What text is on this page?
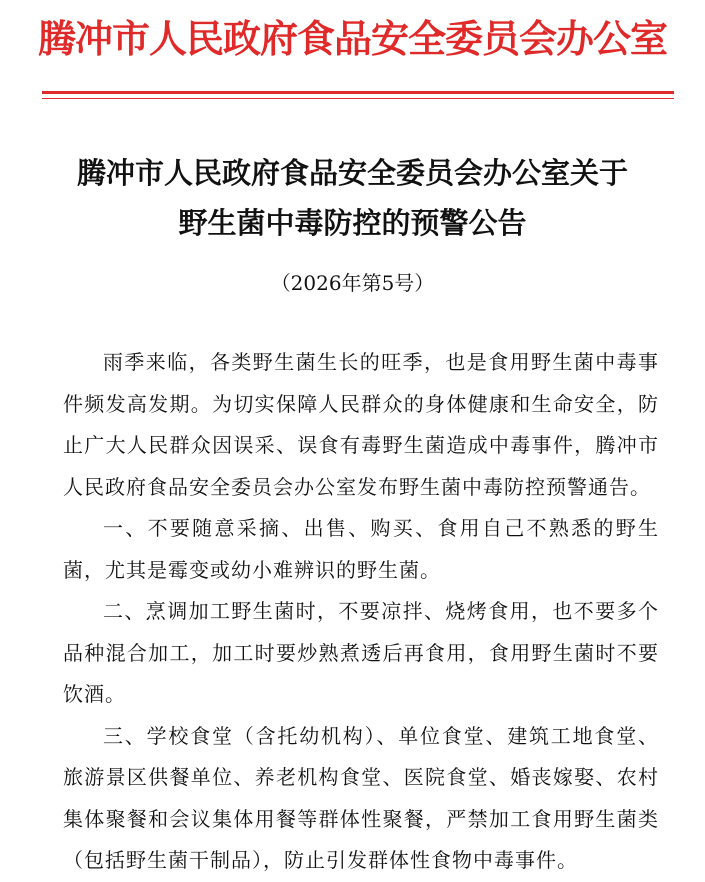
腾冲市人民政府食品安全委员会办公室
腾冲市人民政府食品安全委员会办公室关于
野生菌中毒防控的预警公告
（2026年第5号）

雨季来临，各类野生菌生长的旺季，也是食用野生菌中毒事件频发高发期。为切实保障人民群众的身体健康和生命安全，防止广大人民群众因误采、误食有毒野生菌造成中毒事件，腾冲市人民政府食品安全委员会办公室发布野生菌中毒防控预警通告。

一、不要随意采摘、出售、购买、食用自己不熟悉的野生菌，尤其是霉变或幼小难辨识的野生菌。

二、烹调加工野生菌时，不要凉拌、烧烤食用，也不要多个品种混合加工，加工时要炒熟煮透后再食用，食用野生菌时不要饮酒。

三、学校食堂（含托幼机构）、单位食堂、建筑工地食堂、旅游景区供餐单位、养老机构食堂、医院食堂、婚丧嫁娶、农村集体聚餐和会议集体用餐等群体性聚餐，严禁加工食用野生菌类（包括野生菌干制品），防止引发群体性食物中毒事件。
